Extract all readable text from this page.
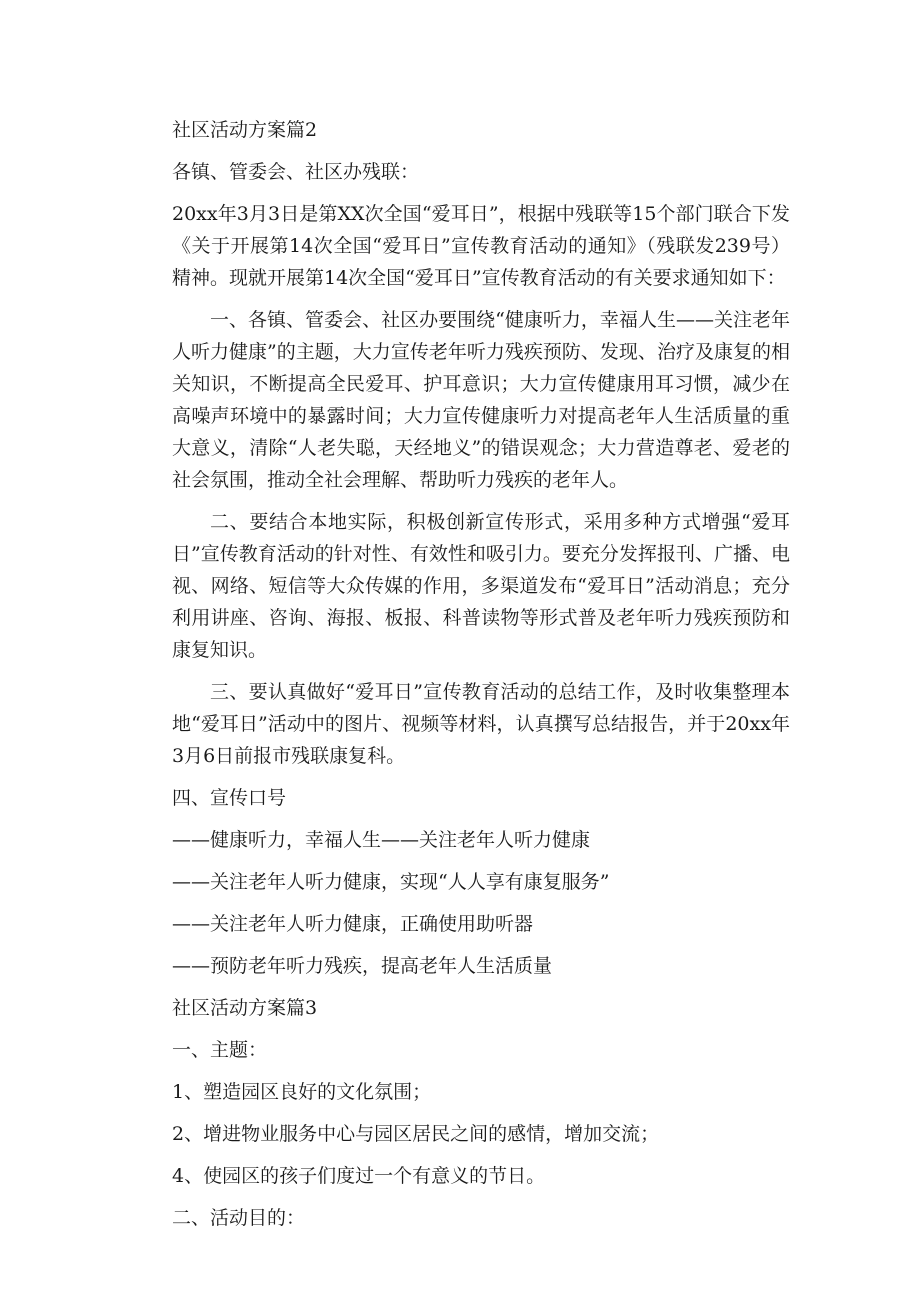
社区活动方案篇2
各镇、管委会、社区办残联：

20xx年3月3日是第XX次全国“爱耳日”，根据中残联等15个部门联合下发《关于开展第14次全国“爱耳日”宣传教育活动的通知》（残联发239号）精神。现就开展第14次全国“爱耳日”宣传教育活动的有关要求通知如下：

一、各镇、管委会、社区办要围绕“健康听力，幸福人生——关注老年人听力健康”的主题，大力宣传老年听力残疾预防、发现、治疗及康复的相关知识，不断提高全民爱耳、护耳意识；大力宣传健康用耳习惯，减少在高噪声环境中的暴露时间；大力宣传健康听力对提高老年人生活质量的重大意义，清除“人老失聪，天经地义”的错误观念；大力营造尊老、爱老的社会氛围，推动全社会理解、帮助听力残疾的老年人。

二、要结合本地实际，积极创新宣传形式，采用多种方式增强“爱耳日”宣传教育活动的针对性、有效性和吸引力。要充分发挥报刊、广播、电视、网络、短信等大众传媒的作用，多渠道发布“爱耳日”活动消息；充分利用讲座、咨询、海报、板报、科普读物等形式普及老年听力残疾预防和康复知识。

三、要认真做好“爱耳日”宣传教育活动的总结工作，及时收集整理本地“爱耳日”活动中的图片、视频等材料，认真撰写总结报告，并于20xx年3月6日前报市残联康复科。

四、宣传口号
——健康听力，幸福人生——关注老年人听力健康
——关注老年人听力健康，实现“人人享有康复服务”
——关注老年人听力健康，正确使用助听器
——预防老年听力残疾，提高老年人生活质量
社区活动方案篇3
一、主题：
1、塑造园区良好的文化氛围；
2、增进物业服务中心与园区居民之间的感情，增加交流；
4、使园区的孩子们度过一个有意义的节日。
二、活动目的：
